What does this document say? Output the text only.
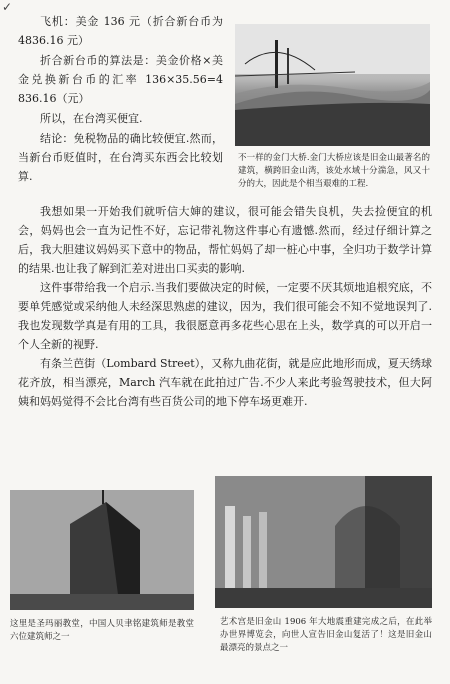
✓

飞机：美金 136 元（折合新台币为4836.16 元）

折合新台币的算法是：美金价格×美金兑换新台币的汇率 136×35.56=4 836.16（元）

所以，在台湾买便宜.

结论：免税物品的确比较便宜.然而，当新台币贬值时，在台湾买东西会比较划算.

不一样的金门大桥.金门大桥应该是旧金山最著名的建筑，横跨旧金山湾，该处水域十分湍急，风又十分的大，因此是个相当艰难的工程.

我想如果一开始我们就听信大婶的建议，很可能会错失良机，失去捡便宜的机会，妈妈也会一直为记性不好，忘记带礼物这件事心有遗憾.然而，经过仔细计算之后，我大胆建议妈妈买下意中的物品，帮忙妈妈了却一桩心中事，全归功于数学计算的结果.也让我了解到汇差对进出口买卖的影响.

这件事带给我一个启示.当我们要做决定的时候，一定要不厌其烦地追根究底，不要单凭感觉或采纳他人未经深思熟虑的建议，因为，我们很可能会不知不觉地误判了.我也发现数学真是有用的工具，我很愿意再多花些心思在上头，数学真的可以开启一个人全新的视野.

有条兰芭街（Lombard Street），又称九曲花街，就是应此地形而成，夏天绣球花齐放，相当漂亮，March 汽车就在此拍过广告.不少人来此考验驾驶技术，但大阿姨和妈妈觉得不会比台湾有些百货公司的地下停车场更难开.

这里是圣玛丽教堂，中国人贝聿铭建筑师是教堂六位建筑师之一
艺术宫是旧金山 1906 年大地震重建完成之后，在此举办世界博览会，向世人宣告旧金山复活了！这是旧金山最漂亮的景点之一
